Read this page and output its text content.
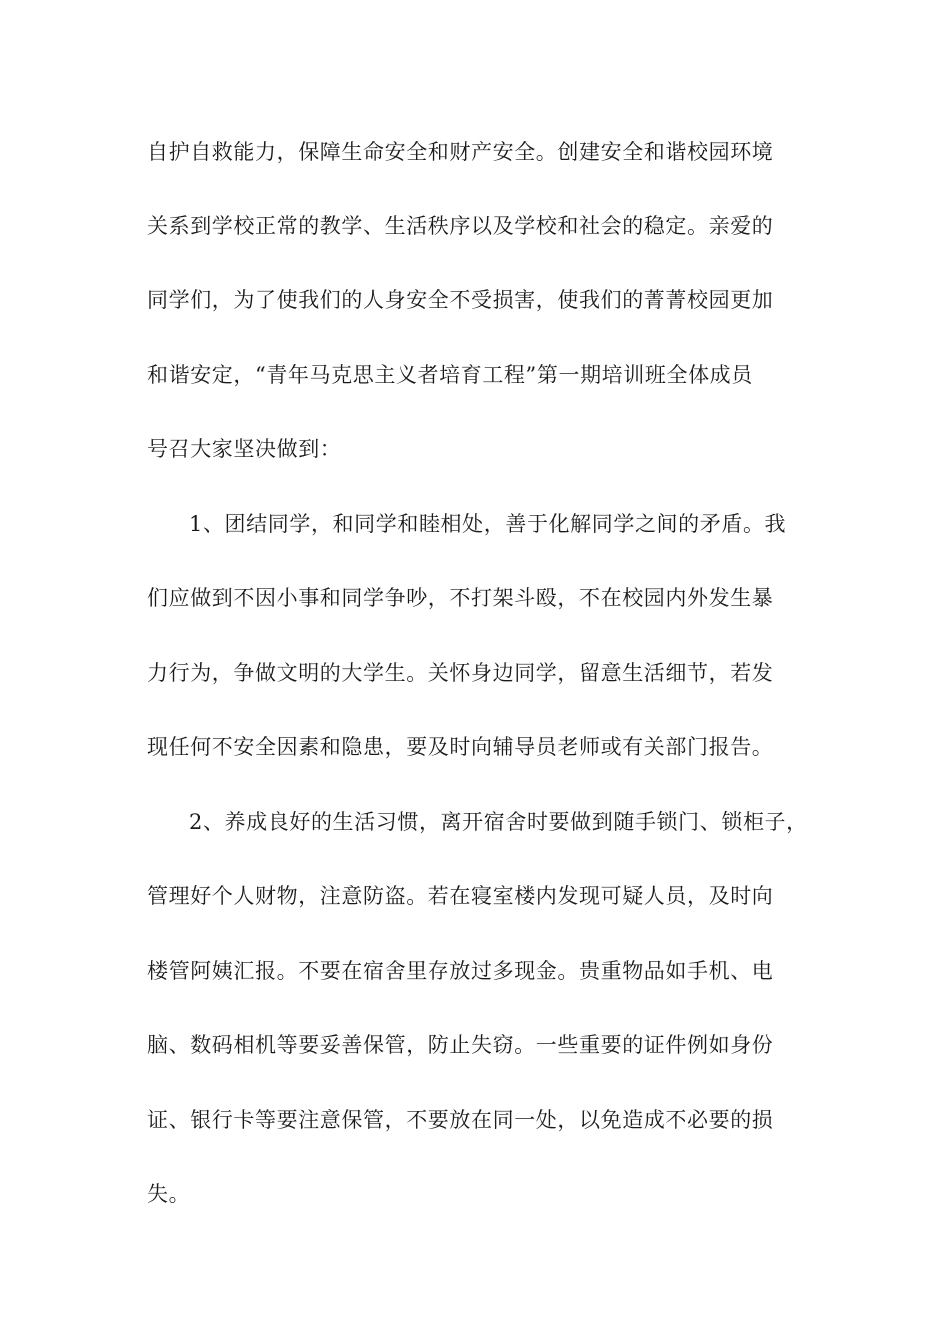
自护自救能力，保障生命安全和财产安全。创建安全和谐校园环境
关系到学校正常的教学、生活秩序以及学校和社会的稳定。亲爱的
同学们，为了使我们的人身安全不受损害，使我们的菁菁校园更加
和谐安定，“青年马克思主义者培育工程”第一期培训班全体成员
号召大家坚决做到：
1、团结同学，和同学和睦相处，善于化解同学之间的矛盾。我
们应做到不因小事和同学争吵，不打架斗殴，不在校园内外发生暴
力行为，争做文明的大学生。关怀身边同学，留意生活细节，若发
现任何不安全因素和隐患，要及时向辅导员老师或有关部门报告。
2、养成良好的生活习惯，离开宿舍时要做到随手锁门、锁柜子，
管理好个人财物，注意防盗。若在寝室楼内发现可疑人员，及时向
楼管阿姨汇报。不要在宿舍里存放过多现金。贵重物品如手机、电
脑、数码相机等要妥善保管，防止失窃。一些重要的证件例如身份
证、银行卡等要注意保管，不要放在同一处，以免造成不必要的损
失。
